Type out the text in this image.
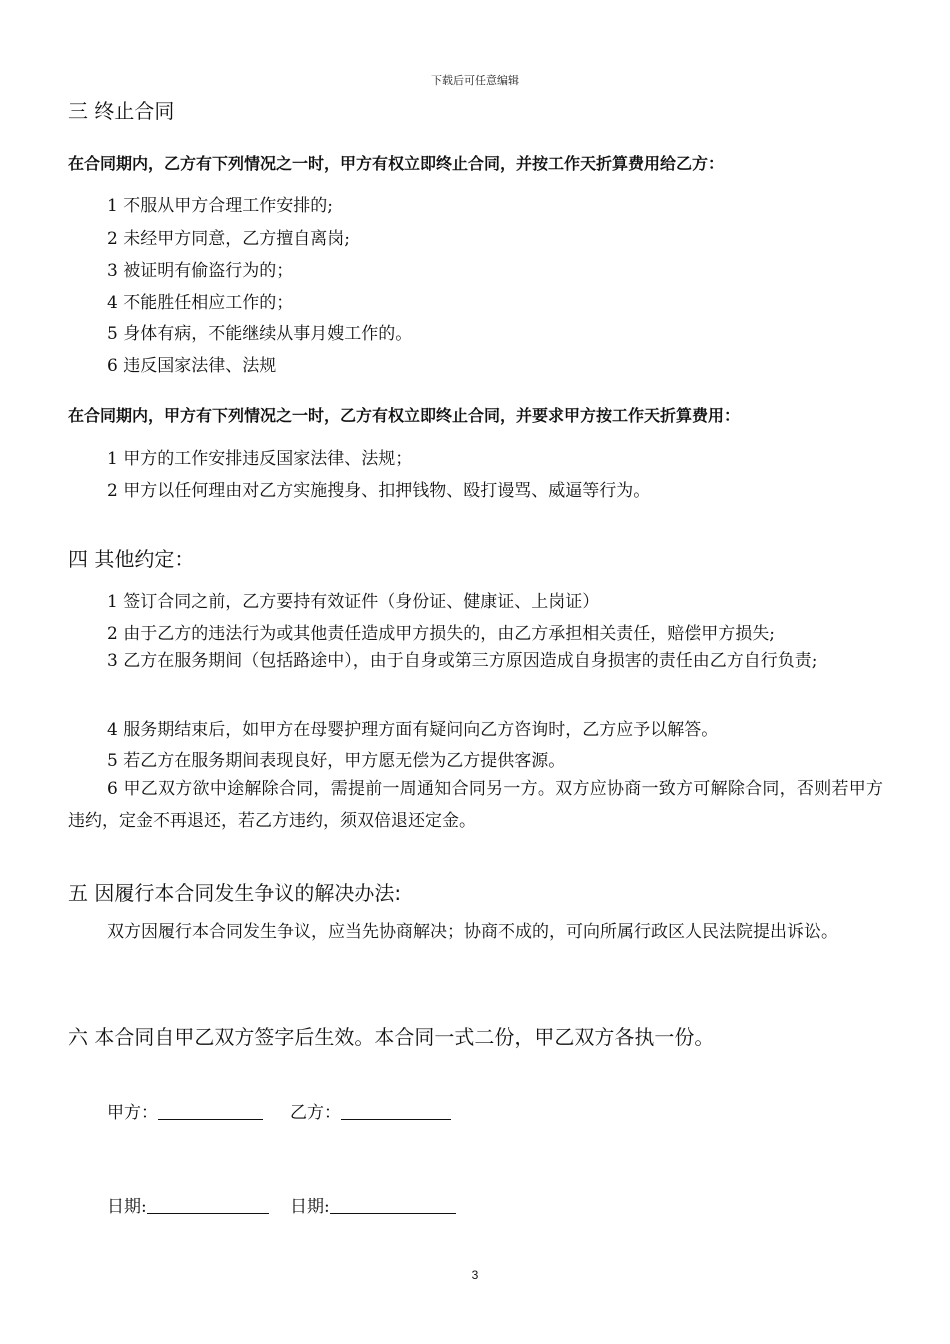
下载后可任意编辑
三 终止合同
在合同期内，乙方有下列情况之一时，甲方有权立即终止合同，并按工作天折算费用给乙方：
1 不服从甲方合理工作安排的;
2 未经甲方同意，乙方擅自离岗;
3 被证明有偷盗行为的；
4 不能胜任相应工作的；
5 身体有病，不能继续从事月嫂工作的。
6 违反国家法律、法规
在合同期内，甲方有下列情况之一时，乙方有权立即终止合同，并要求甲方按工作天折算费用：
1 甲方的工作安排违反国家法律、法规；
2 甲方以任何理由对乙方实施搜身、扣押钱物、殴打谩骂、威逼等行为。
四 其他约定：
1 签订合同之前，乙方要持有效证件（身份证、健康证、上岗证）
2 由于乙方的违法行为或其他责任造成甲方损失的，由乙方承担相关责任，赔偿甲方损失;
3 乙方在服务期间（包括路途中），由于自身或第三方原因造成自身损害的责任由乙方自行负责;
4 服务期结束后，如甲方在母婴护理方面有疑问向乙方咨询时，乙方应予以解答。
5 若乙方在服务期间表现良好，甲方愿无偿为乙方提供客源。
6 甲乙双方欲中途解除合同，需提前一周通知合同另一方。双方应协商一致方可解除合同，否则若甲方违约，定金不再退还，若乙方违约，须双倍退还定金。
五 因履行本合同发生争议的解决办法:
双方因履行本合同发生争议，应当先协商解决；协商不成的，可向所属行政区人民法院提出诉讼。
六 本合同自甲乙双方签字后生效。本合同一式二份，甲乙双方各执一份。
甲方：	乙方：
日期:	日期:
3
